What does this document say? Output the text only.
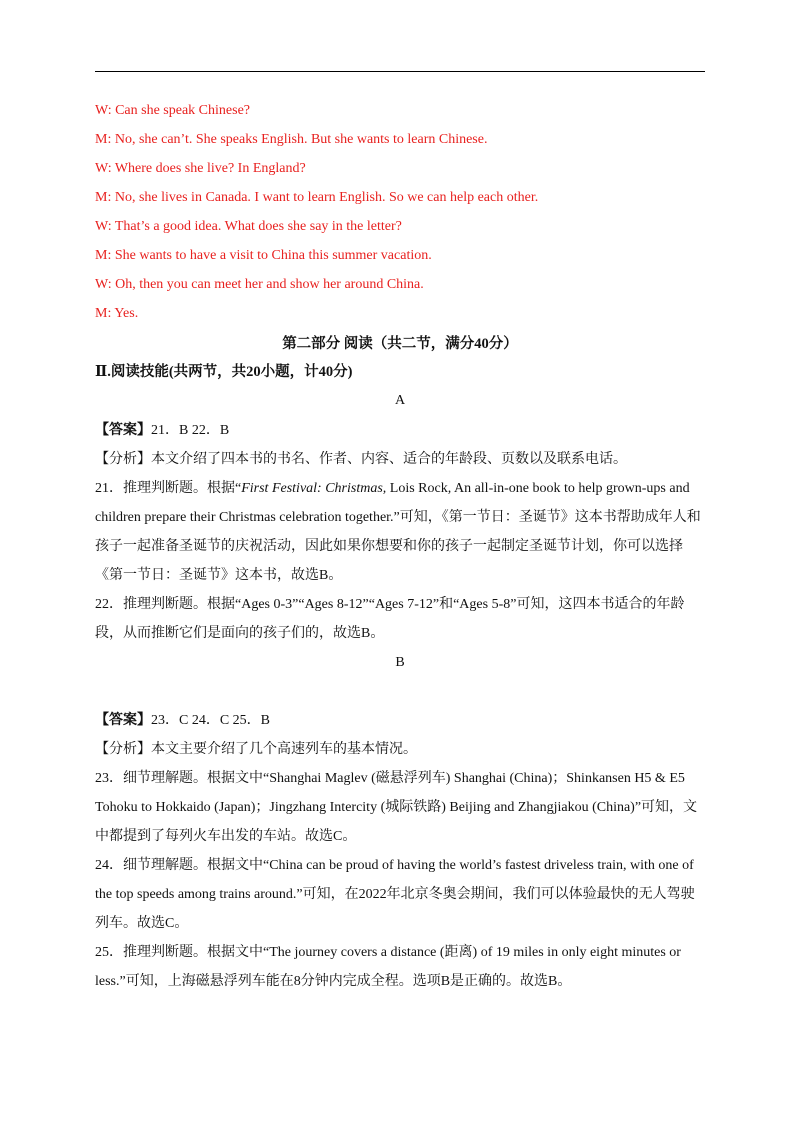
W: Can she speak Chinese?
M: No, she can’t. She speaks English. But she wants to learn Chinese.
W: Where does she live? In England?
M: No, she lives in Canada. I want to learn English. So we can help each other.
W: That’s a good idea. What does she say in the letter?
M: She wants to have a visit to China this summer vacation.
W: Oh, then you can meet her and show her around China.
M: Yes.
第二部分 阅读（共二节，满分40分）
Ⅱ.阅读技能(共两节，共20小题，计40分)
A
【答案】21．B 22．B
【分析】本文介绍了四本书的书名、作者、内容、适合的年龄段、页数以及联系电话。
21．推理判断题。根据“First Festival: Christmas, Lois Rock, An all-in-one book to help grown-ups and children prepare their Christmas celebration together.”可知，《第一节日：圣诞节》这本书帮助成年人和孩子一起准备圣诞节的庆祝活动，因此如果你想要和你的孩子一起制定圣诞节计划，你可以选择《第一节日：圣诞节》这本书，故选B。
22．推理判断题。根据“Ages 0-3”“Ages 8-12”“Ages 7-12”和“Ages 5-8”可知，这四本书适合的年龄段，从而推断它们是面向的孩子们的，故选B。
B
【答案】23．C 24．C 25．B
【分析】本文主要介绍了几个高速列车的基本情况。
23．细节理解题。根据文中“Shanghai Maglev (磁悬浮列车) Shanghai (China)；Shinkansen H5 & E5 Tohoku to Hokkaido (Japan)；Jingzhang Intercity (城际铁路) Beijing and Zhangjiakou (China)”可知，文中都提到了每列火车出发的车站。故选C。
24．细节理解题。根据文中“China can be proud of having the world’s fastest driveless train, with one of the top speeds among trains around.”可知，在2022年北京冬奥会期间，我们可以体验最快的无人驾驶列车。故选C。
25．推理判断题。根据文中“The journey covers a distance (距离) of 19 miles in only eight minutes or less.”可知，上海磁悬浮列车能在8分钟内完成全程。选项B是正确的。故选B。
